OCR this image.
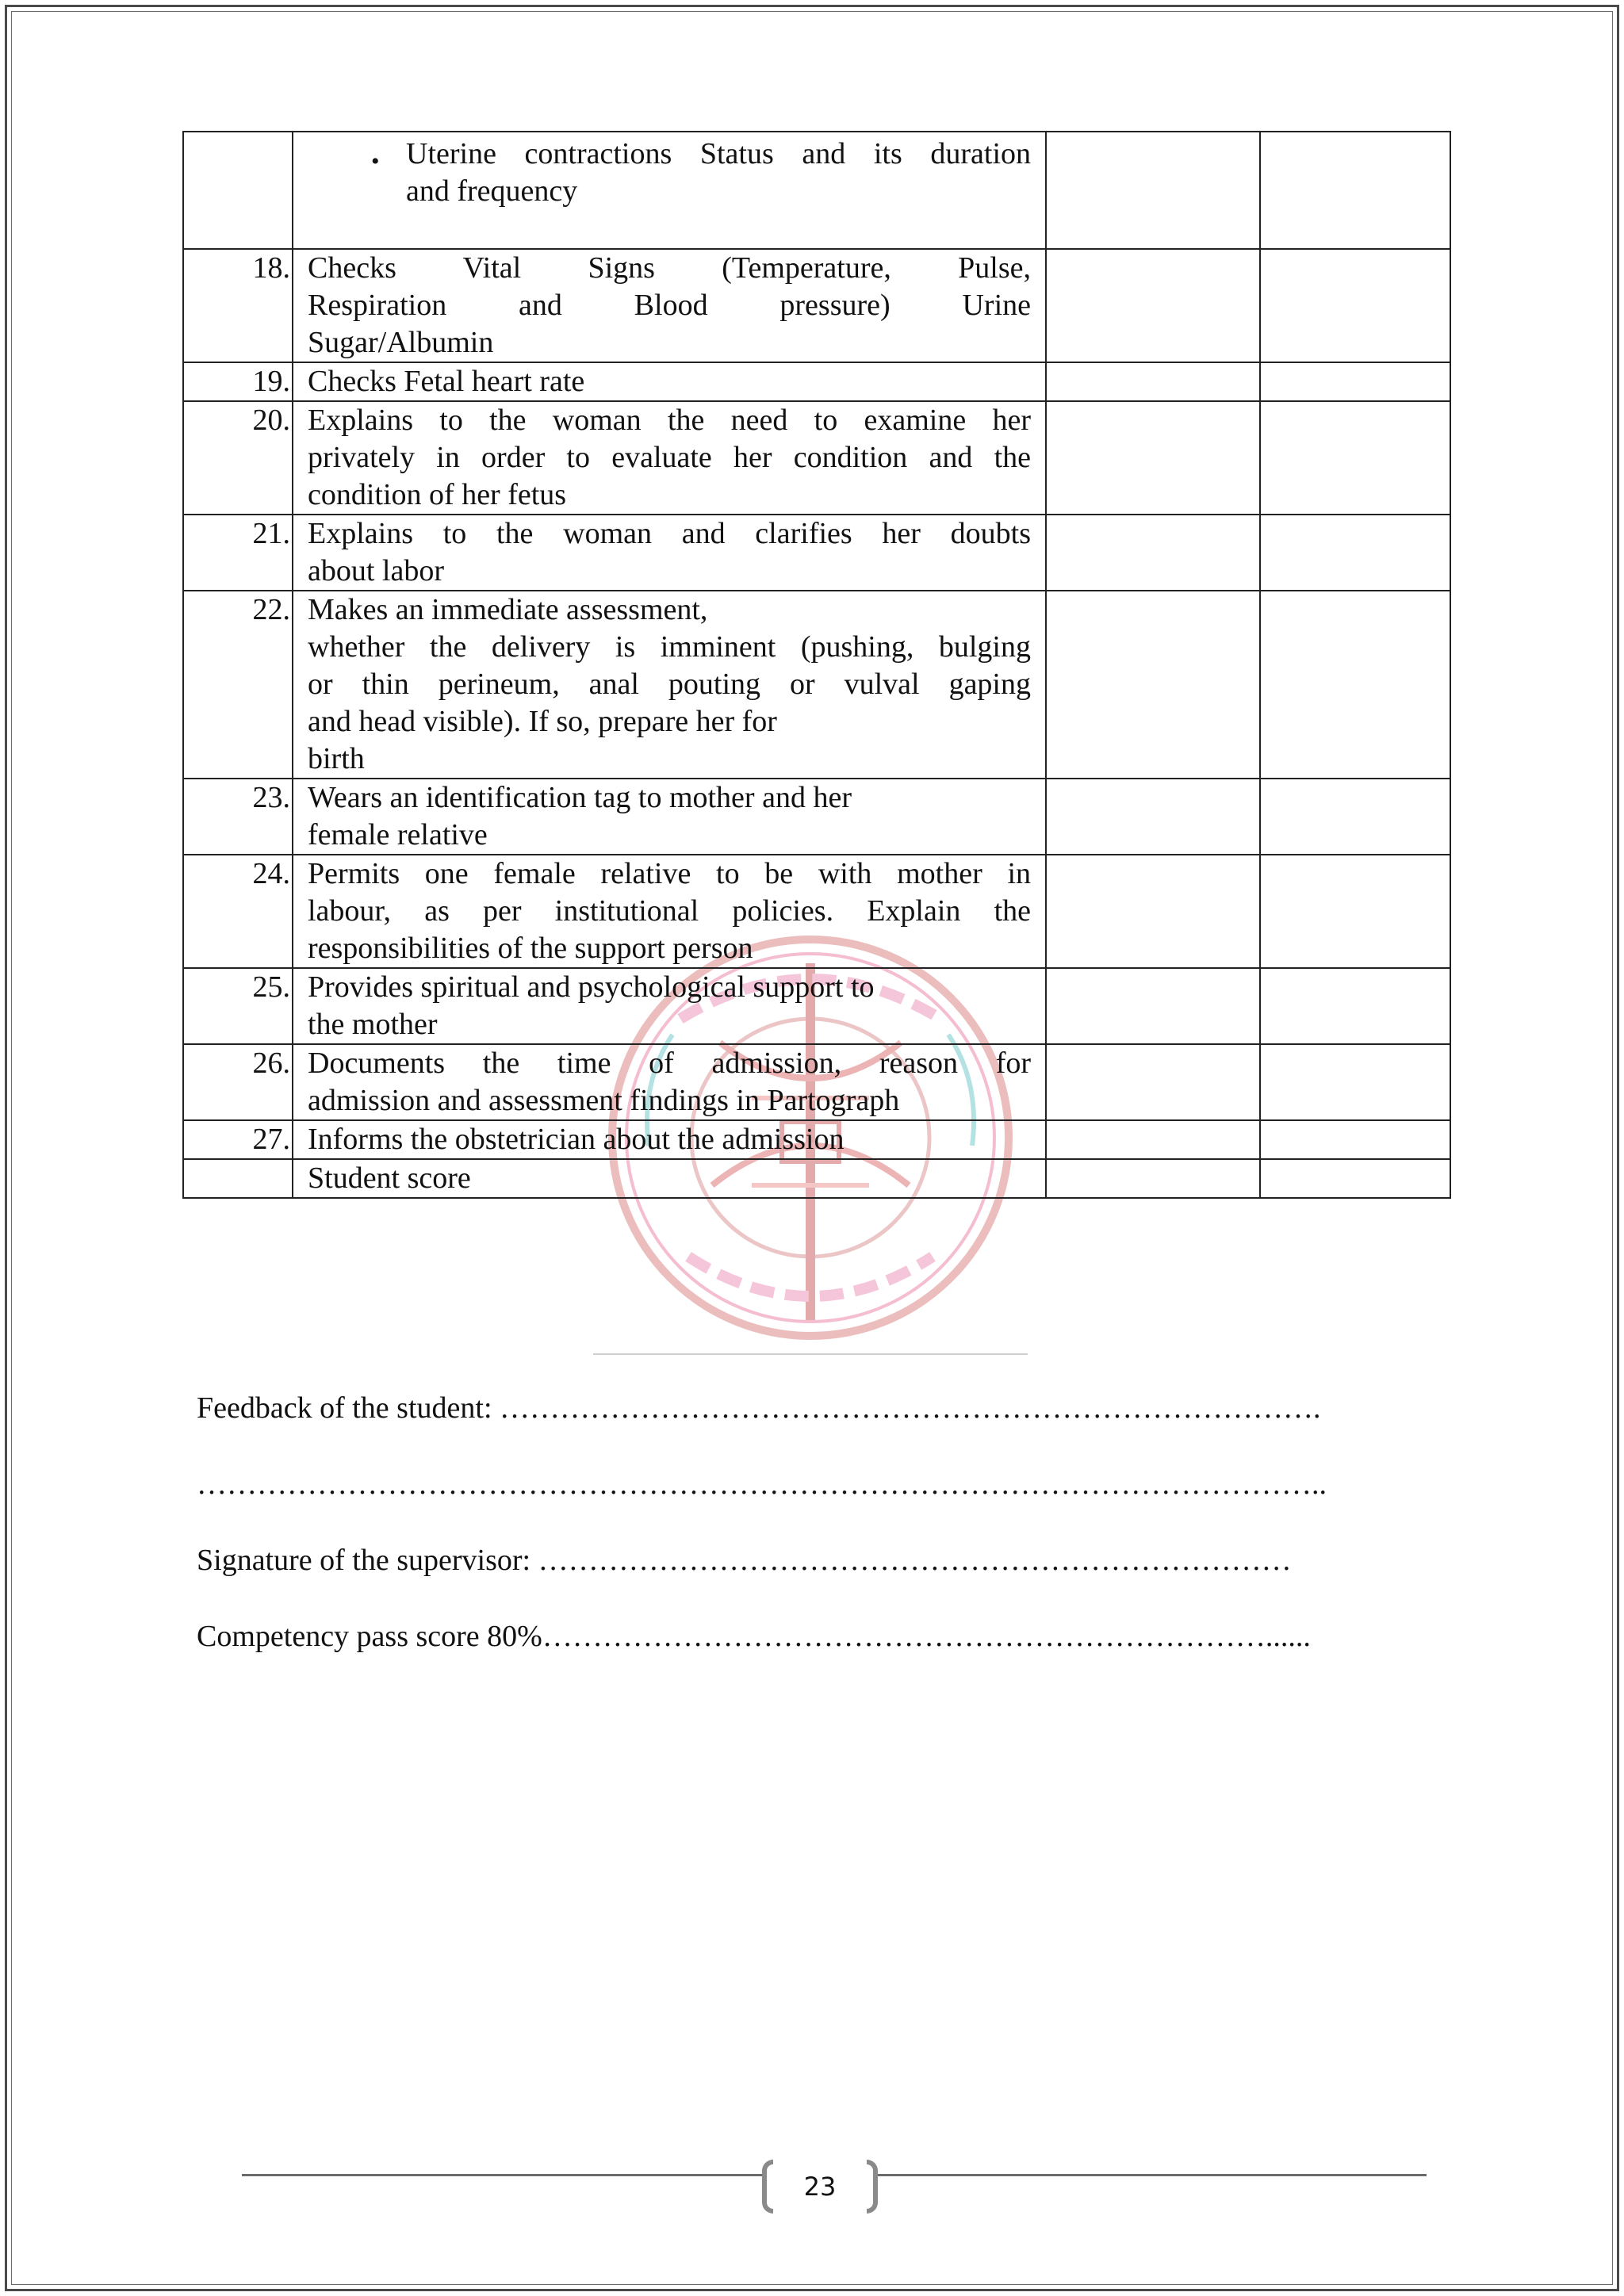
	• Uterine contractions Status and its duration
and frequency		

18.	Checks Vital Signs (Temperature, Pulse,
Respiration and Blood pressure) Urine
Sugar/Albumin		

19.	Checks Fetal heart rate		

20.	Explains to the woman the need to examine her
privately in order to evaluate her condition and the
condition of her fetus		

21.	Explains to the woman and clarifies her doubts
about labor		

22.	Makes an immediate assessment,
whether the delivery is imminent (pushing, bulging
or thin perineum, anal pouting or vulval gaping
and head visible). If so, prepare her for
birth		

23.	Wears an identification tag to mother and her
female relative		

24.	Permits one female relative to be with mother in
labour, as per institutional policies. Explain the
responsibilities of the support person		

25.	Provides spiritual and psychological support to
the mother		

26.	Documents the time of admission, reason for
admission and assessment findings in Partograph		

27.	Informs the obstetrician about the admission		

	Student score		
Feedback of the student: ……………………………………………………………………….
…………………………………………………………………………………………………..
Signature of the supervisor: …………………………………………………………………
Competency pass score 80%………………………………………………………………......
23
